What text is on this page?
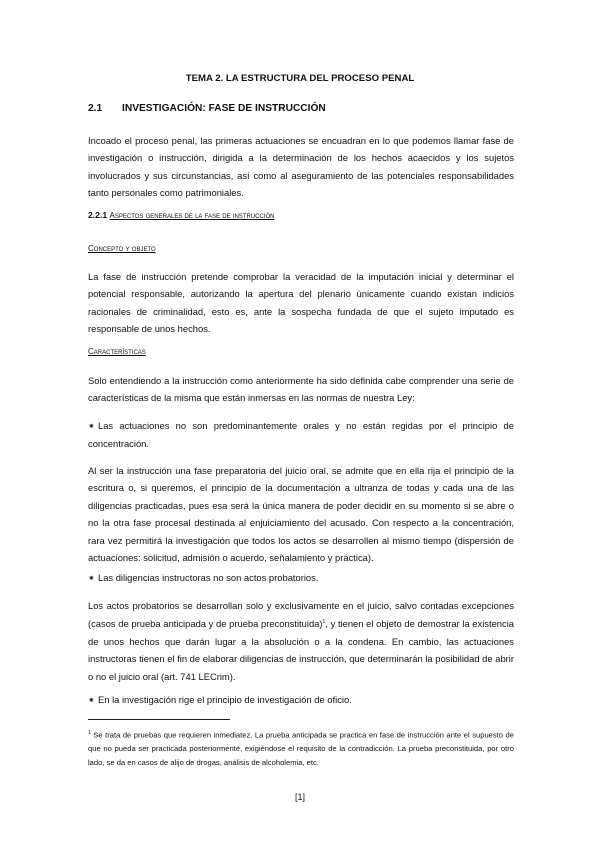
TEMA 2. LA ESTRUCTURA DEL PROCESO PENAL
2.1 INVESTIGACIÓN: FASE DE INSTRUCCIÓN
Incoado el proceso penal, las primeras actuaciones se encuadran en lo que podemos llamar fase de investigación o instrucción, dirigida a la determinación de los hechos acaecidos y los sujetos involucrados y sus circunstancias, así como al aseguramiento de las potenciales responsabilidades tanto personales como patrimoniales.
2.2.1 Aspectos generales de la fase de instrucción
Concepto y objeto
La fase de instrucción pretende comprobar la veracidad de la imputación inicial y determinar el potencial responsable, autorizando la apertura del plenario únicamente cuando existan indicios racionales de criminalidad, esto es, ante la sospecha fundada de que el sujeto imputado es responsable de unos hechos.
Características
Solo entendiendo a la instrucción como anteriormente ha sido definida cabe comprender una serie de características de la misma que están inmersas en las normas de nuestra Ley:
⁕ Las actuaciones no son predominantemente orales y no están regidas por el principio de concentración.
Al ser la instrucción una fase preparatoria del juicio oral, se admite que en ella rija el principio de la escritura o, si queremos, el principio de la documentación a ultranza de todas y cada una de las diligencias practicadas, pues esa será la única manera de poder decidir en su momento si se abre o no la otra fase procesal destinada al enjuiciamiento del acusado. Con respecto a la concentración, rara vez permitirá la investigación que todos los actos se desarrollen al mismo tiempo (dispersión de actuaciones: solicitud, admisión o acuerdo, señalamiento y práctica).
⁕ Las diligencias instructoras no son actos probatorios.
Los actos probatorios se desarrollan solo y exclusivamente en el juicio, salvo contadas excepciones (casos de prueba anticipada y de prueba preconstituida)$^1$, y tienen el objeto de demostrar la existencia de unos hechos que darán lugar a la absolución o a la condena. En cambio, las actuaciones instructoras tienen el fin de elaborar diligencias de instrucción, que determinarán la posibilidad de abrir o no el juicio oral (art. 741 LECrim).
⁕ En la investigación rige el principio de investigación de oficio.
$^1$ Se trata de pruebas que requieren inmediatez. La prueba anticipada se practica en fase de instrucción ante el supuesto de que no pueda ser practicada posteriormente, exigiéndose el requisito de la contradicción. La prueba preconstituida, por otro lado, se da en casos de alijo de drogas, análisis de alcoholemia, etc.
[1]
